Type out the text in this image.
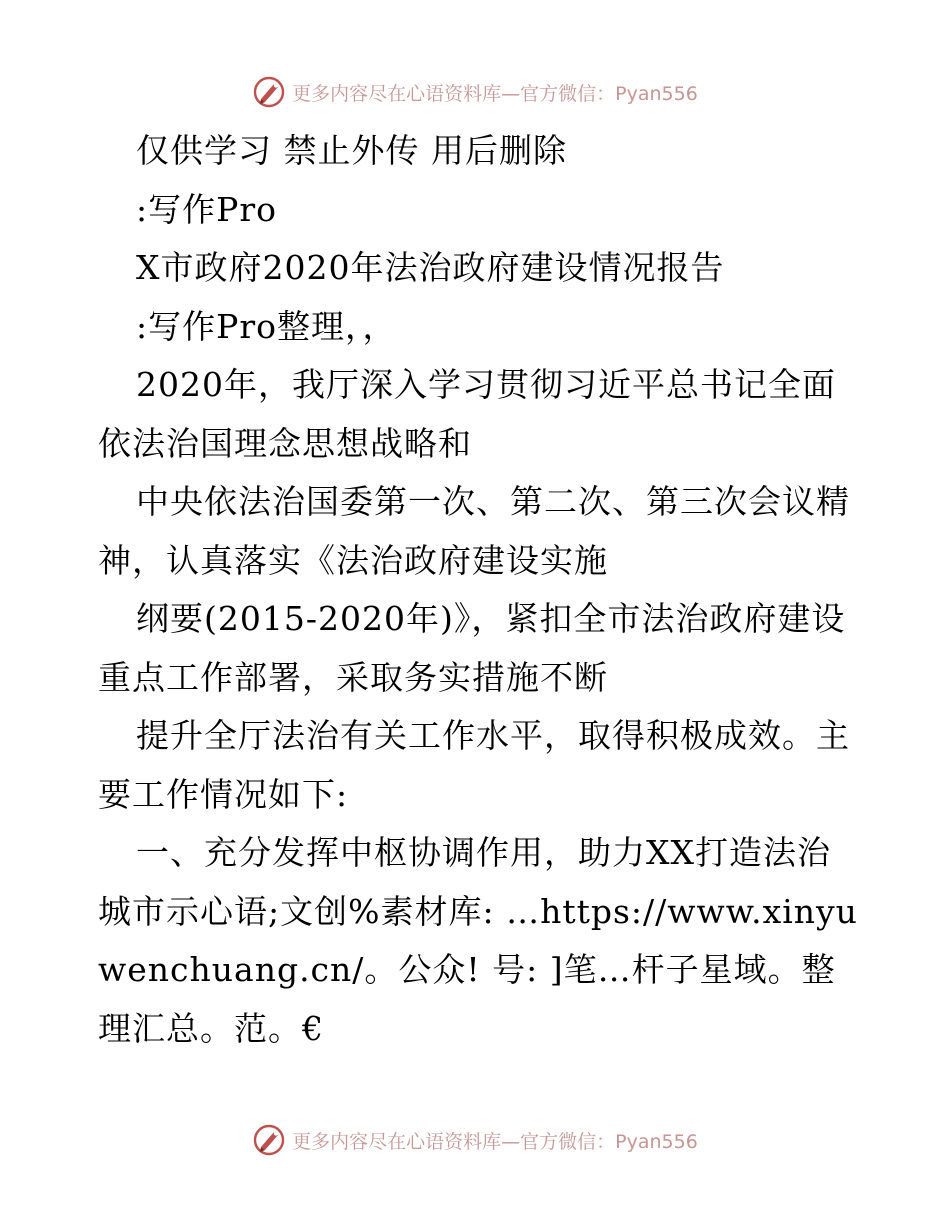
更多内容尽在心语资料库—官方微信：Pyan556

仅供学习 禁止外传 用后删除

:写作Pro

X市政府2020年法治政府建设情况报告

:写作Pro整理，，

2020年，我厅深入学习贯彻习近平总书记全面依法治国理念思想战略和

中央依法治国委第一次、第二次、第三次会议精神，认真落实《法治政府建设实施

纲要(2015-2020年)》，紧扣全市法治政府建设重点工作部署，采取务实措施不断

提升全厅法治有关工作水平，取得积极成效。主要工作情况如下:

一、充分发挥中枢协调作用，助力XX打造法治城市示心语;文创%素材库: …https://www.xinyuwenchuang.cn/。公众! 号: ]笔…杆子星域。整理汇总。范。€

更多内容尽在心语资料库—官方微信：Pyan556
